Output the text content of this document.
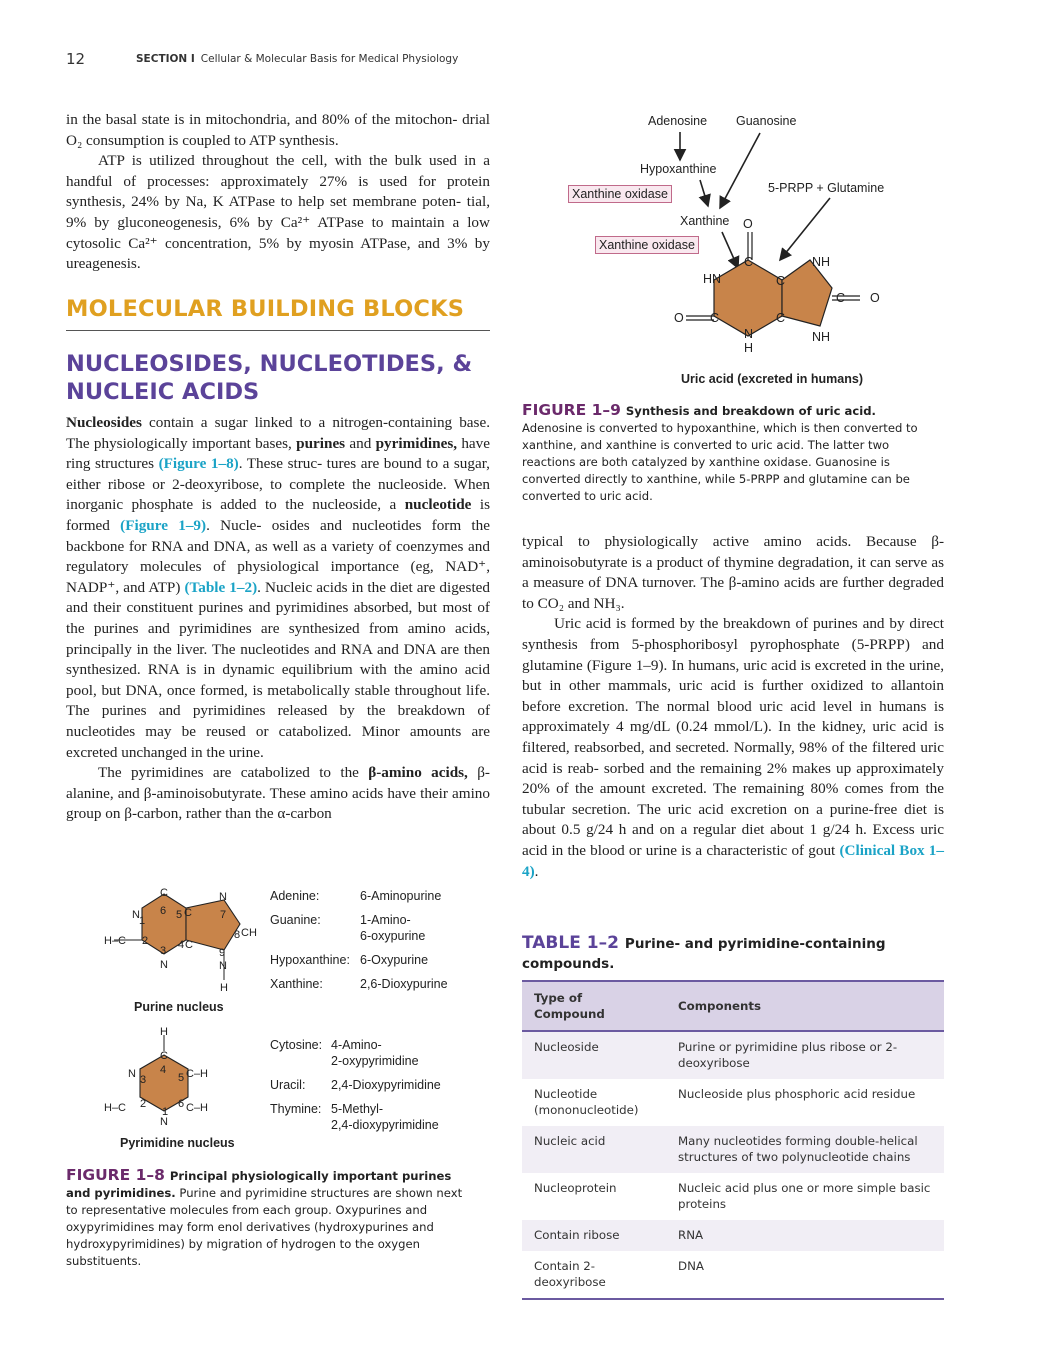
12	SECTION I Cellular & Molecular Basis for Medical Physiology

in the basal state is in mitochondria, and 80% of the mitochon- drial O₂ consumption is coupled to ATP synthesis.

ATP is utilized throughout the cell, with the bulk used in a handful of processes: approximately 27% is used for protein synthesis, 24% by Na, K ATPase to help set membrane poten- tial, 9% by gluconeogenesis, 6% by Ca²⁺ ATPase to maintain a low cytosolic Ca²⁺ concentration, 5% by myosin ATPase, and 3% by ureagenesis.

MOLECULAR BUILDING BLOCKS
NUCLEOSIDES, NUCLEOTIDES, & NUCLEIC ACIDS

Nucleosides contain a sugar linked to a nitrogen-containing base. The physiologically important bases, purines and pyrimidines, have ring structures (Figure 1–8). These struc- tures are bound to a sugar, either ribose or 2-deoxyribose, to complete the nucleoside. When inorganic phosphate is added to the nucleoside, a nucleotide is formed (Figure 1–9). Nucle- osides and nucleotides form the backbone for RNA and DNA, as well as a variety of coenzymes and regulatory molecules of physiological importance (eg, NAD⁺, NADP⁺, and ATP) (Table 1–2). Nucleic acids in the diet are digested and their constituent purines and pyrimidines absorbed, but most of the purines and pyrimidines are synthesized from amino acids, principally in the liver. The nucleotides and RNA and DNA are then synthesized. RNA is in dynamic equilibrium with the amino acid pool, but DNA, once formed, is metabolically stable throughout life. The purines and pyrimidines released by the breakdown of nucleotides may be reused or catabolized. Minor amounts are excreted unchanged in the urine.

The pyrimidines are catabolized to the β-amino acids, β-alanine, and β-aminoisobutyrate. These amino acids have their amino group on β-carbon, rather than the α-carbon

typical to physiologically active amino acids. Because β-aminoisobutyrate is a product of thymine degradation, it can serve as a measure of DNA turnover. The β-amino acids are further degraded to CO₂ and NH₃.

Uric acid is formed by the breakdown of purines and by direct synthesis from 5-phosphoribosyl pyrophosphate (5-PRPP) and glutamine (Figure 1–9). In humans, uric acid is excreted in the urine, but in other mammals, uric acid is further oxidized to allantoin before excretion. The normal blood uric acid level in humans is approximately 4 mg/dL (0.24 mmol/L). In the kidney, uric acid is filtered, reabsorbed, and secreted. Normally, 98% of the filtered uric acid is reab- sorbed and the remaining 2% makes up approximately 20% of the amount excreted. The remaining 80% comes from the tubular secretion. The uric acid excretion on a purine-free diet is about 0.5 g/24 h and on a regular diet about 1 g/24 h. Excess uric acid in the blood or urine is a characteristic of gout (Clinical Box 1–4).

O
C
HN	C
NH
C O
C
NH
C
O
N
H
Adenosine Guanosine
Hypoxanthine
Xanthine oxidase	5-PRPP + Glutamine
Xanthine
Xanthine oxidase
Uric acid (excreted in humans)
FIGURE 1–9 Synthesis and breakdown of uric acid.
Adenosine is converted to hypoxanthine, which is then converted to xanthine, and xanthine is converted to uric acid. The latter two reactions are both catalyzed by xanthine oxidase. Guanosine is converted directly to xanthine, while 5-PRPP and glutamine can be converted to uric acid.
C
6
N 1	5 C
N
7
8 CH
H–C 2
3 4 C
N
9
N
H
Purine nucleus
H
C
4
N 3	5 C–H
H–C 2	6 C–H
1
N
Pyrimidine nucleus
Adenine:	6-Aminopurine
Guanine:	1-Amino-
6-oxypurine
Hypoxanthine: 6-Oxypurine
Xanthine:	2,6-Dioxypurine
Cytosine: 4-Amino-
2-oxypyrimidine
Uracil: 2,4-Dioxypyrimidine
Thymine: 5-Methyl-
2,4-dioxypyrimidine
FIGURE 1–8 Principal physiologically important purines and pyrimidines. Purine and pyrimidine structures are shown next to representative molecules from each group. Oxypurines and oxypyrimidines may form enol derivatives (hydroxypurines and hydroxypyrimidines) by migration of hydrogen to the oxygen substituents.
TABLE 1–2 Purine- and pyrimidine-containing compounds.
Type of Compound	Components
Nucleoside	Purine or pyrimidine plus ribose or 2-deoxyribose
Nucleotide (mononucleotide)	Nucleoside plus phosphoric acid residue
Nucleic acid	Many nucleotides forming double-helical structures of two polynucleotide chains
Nucleoprotein	Nucleic acid plus one or more simple basic proteins
Contain ribose	RNA
Contain 2-deoxyribose	DNA
